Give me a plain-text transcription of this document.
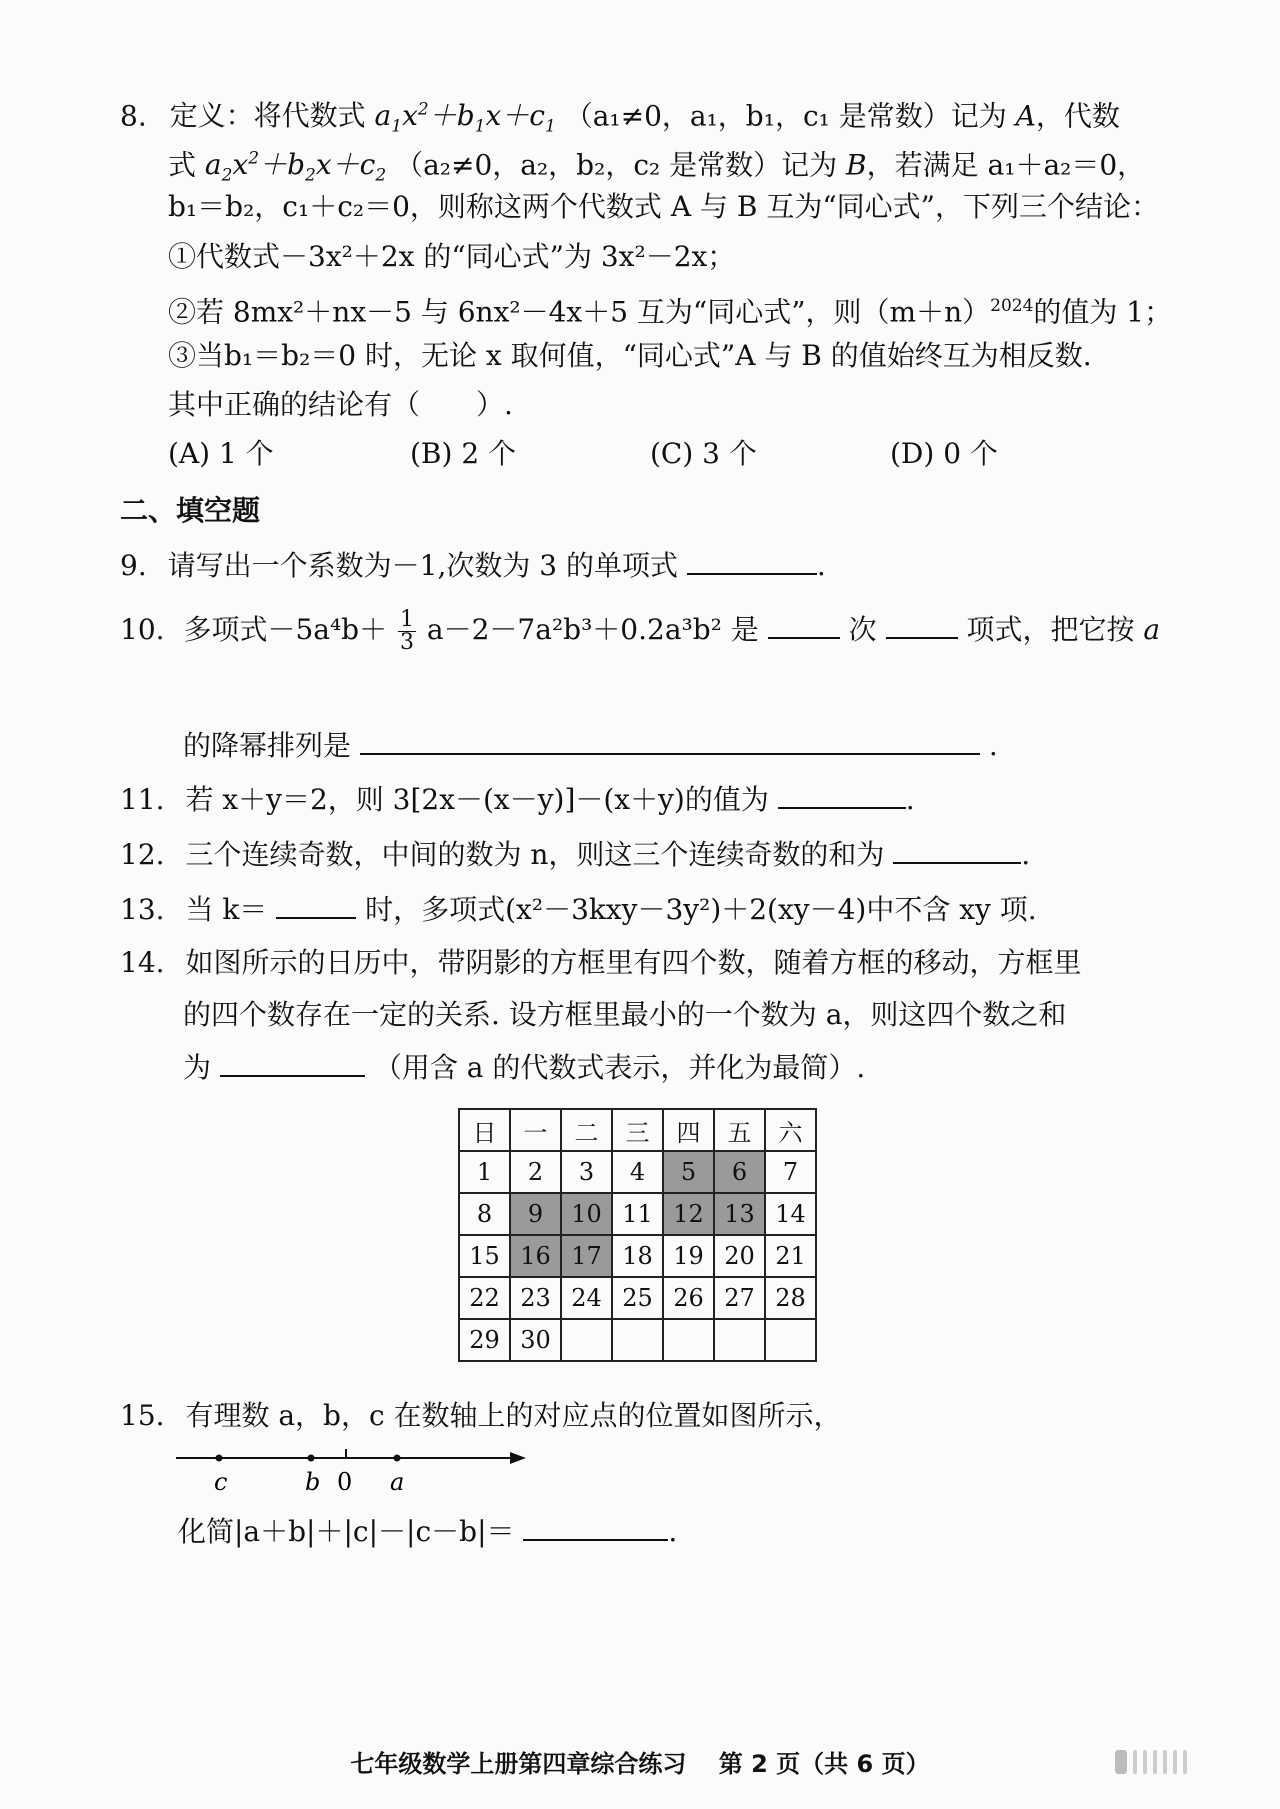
8. 定义：将代数式 $a_1x^2+b_1x+c_1$ （a₁≠0，a₁，b₁，c₁ 是常数）记为 A，代数
式 $a_2x^2+b_2x+c_2$ （a₂≠0，a₂，b₂，c₂ 是常数）记为 B，若满足 a₁＋a₂＝0，
b₁＝b₂，c₁＋c₂＝0，则称这两个代数式 A 与 B 互为“同心式”，下列三个结论：
①代数式－3x²＋2x 的“同心式”为 3x²－2x；
②若 8mx²＋nx－5 与 6nx²－4x＋5 互为“同心式”，则$(m+n)^{2024}$的值为 1；
③当b₁＝b₂＝0 时，无论 x 取何值，“同心式”A 与 B 的值始终互为相反数.
其中正确的结论有（　　）.
(A) 1 个	(B) 2 个	(C) 3 个	(D) 0 个
二、填空题
9. 请写出一个系数为－1,次数为 3 的单项式	.
10. 多项式$-5a^4b+ \frac{1}{3} a-2-7a^2b^3+0.2a^3b^2$ 是	次	项式，把它按 a
的降幂排列是	.
11. 若 x＋y＝2，则 3[2x－(x－y)]－(x＋y)的值为	.
12. 三个连续奇数，中间的数为 n，则这三个连续奇数的和为	.
13. 当 k＝	时，多项式(x²－3kxy－3y²)＋2(xy－4)中不含 xy 项.
14. 如图所示的日历中，带阴影的方框里有四个数，随着方框的移动，方框里
的四个数存在一定的关系. 设方框里最小的一个数为 a，则这四个数之和
为	（用含 a 的代数式表示，并化为最简）.
日	一	二	三	四	五	六
1	2	3	4	5	6	7
8	9	10	11	12	13	14
15	16	17	18	19	20	21
22	23	24	25	26	27	28
29	30					
15. 有理数 a，b，c 在数轴上的对应点的位置如图所示，
c	b 0 a
化简|a＋b|＋|c|－|c－b|＝	.
七年级数学上册第四章综合练习 第 2 页（共 6 页）
